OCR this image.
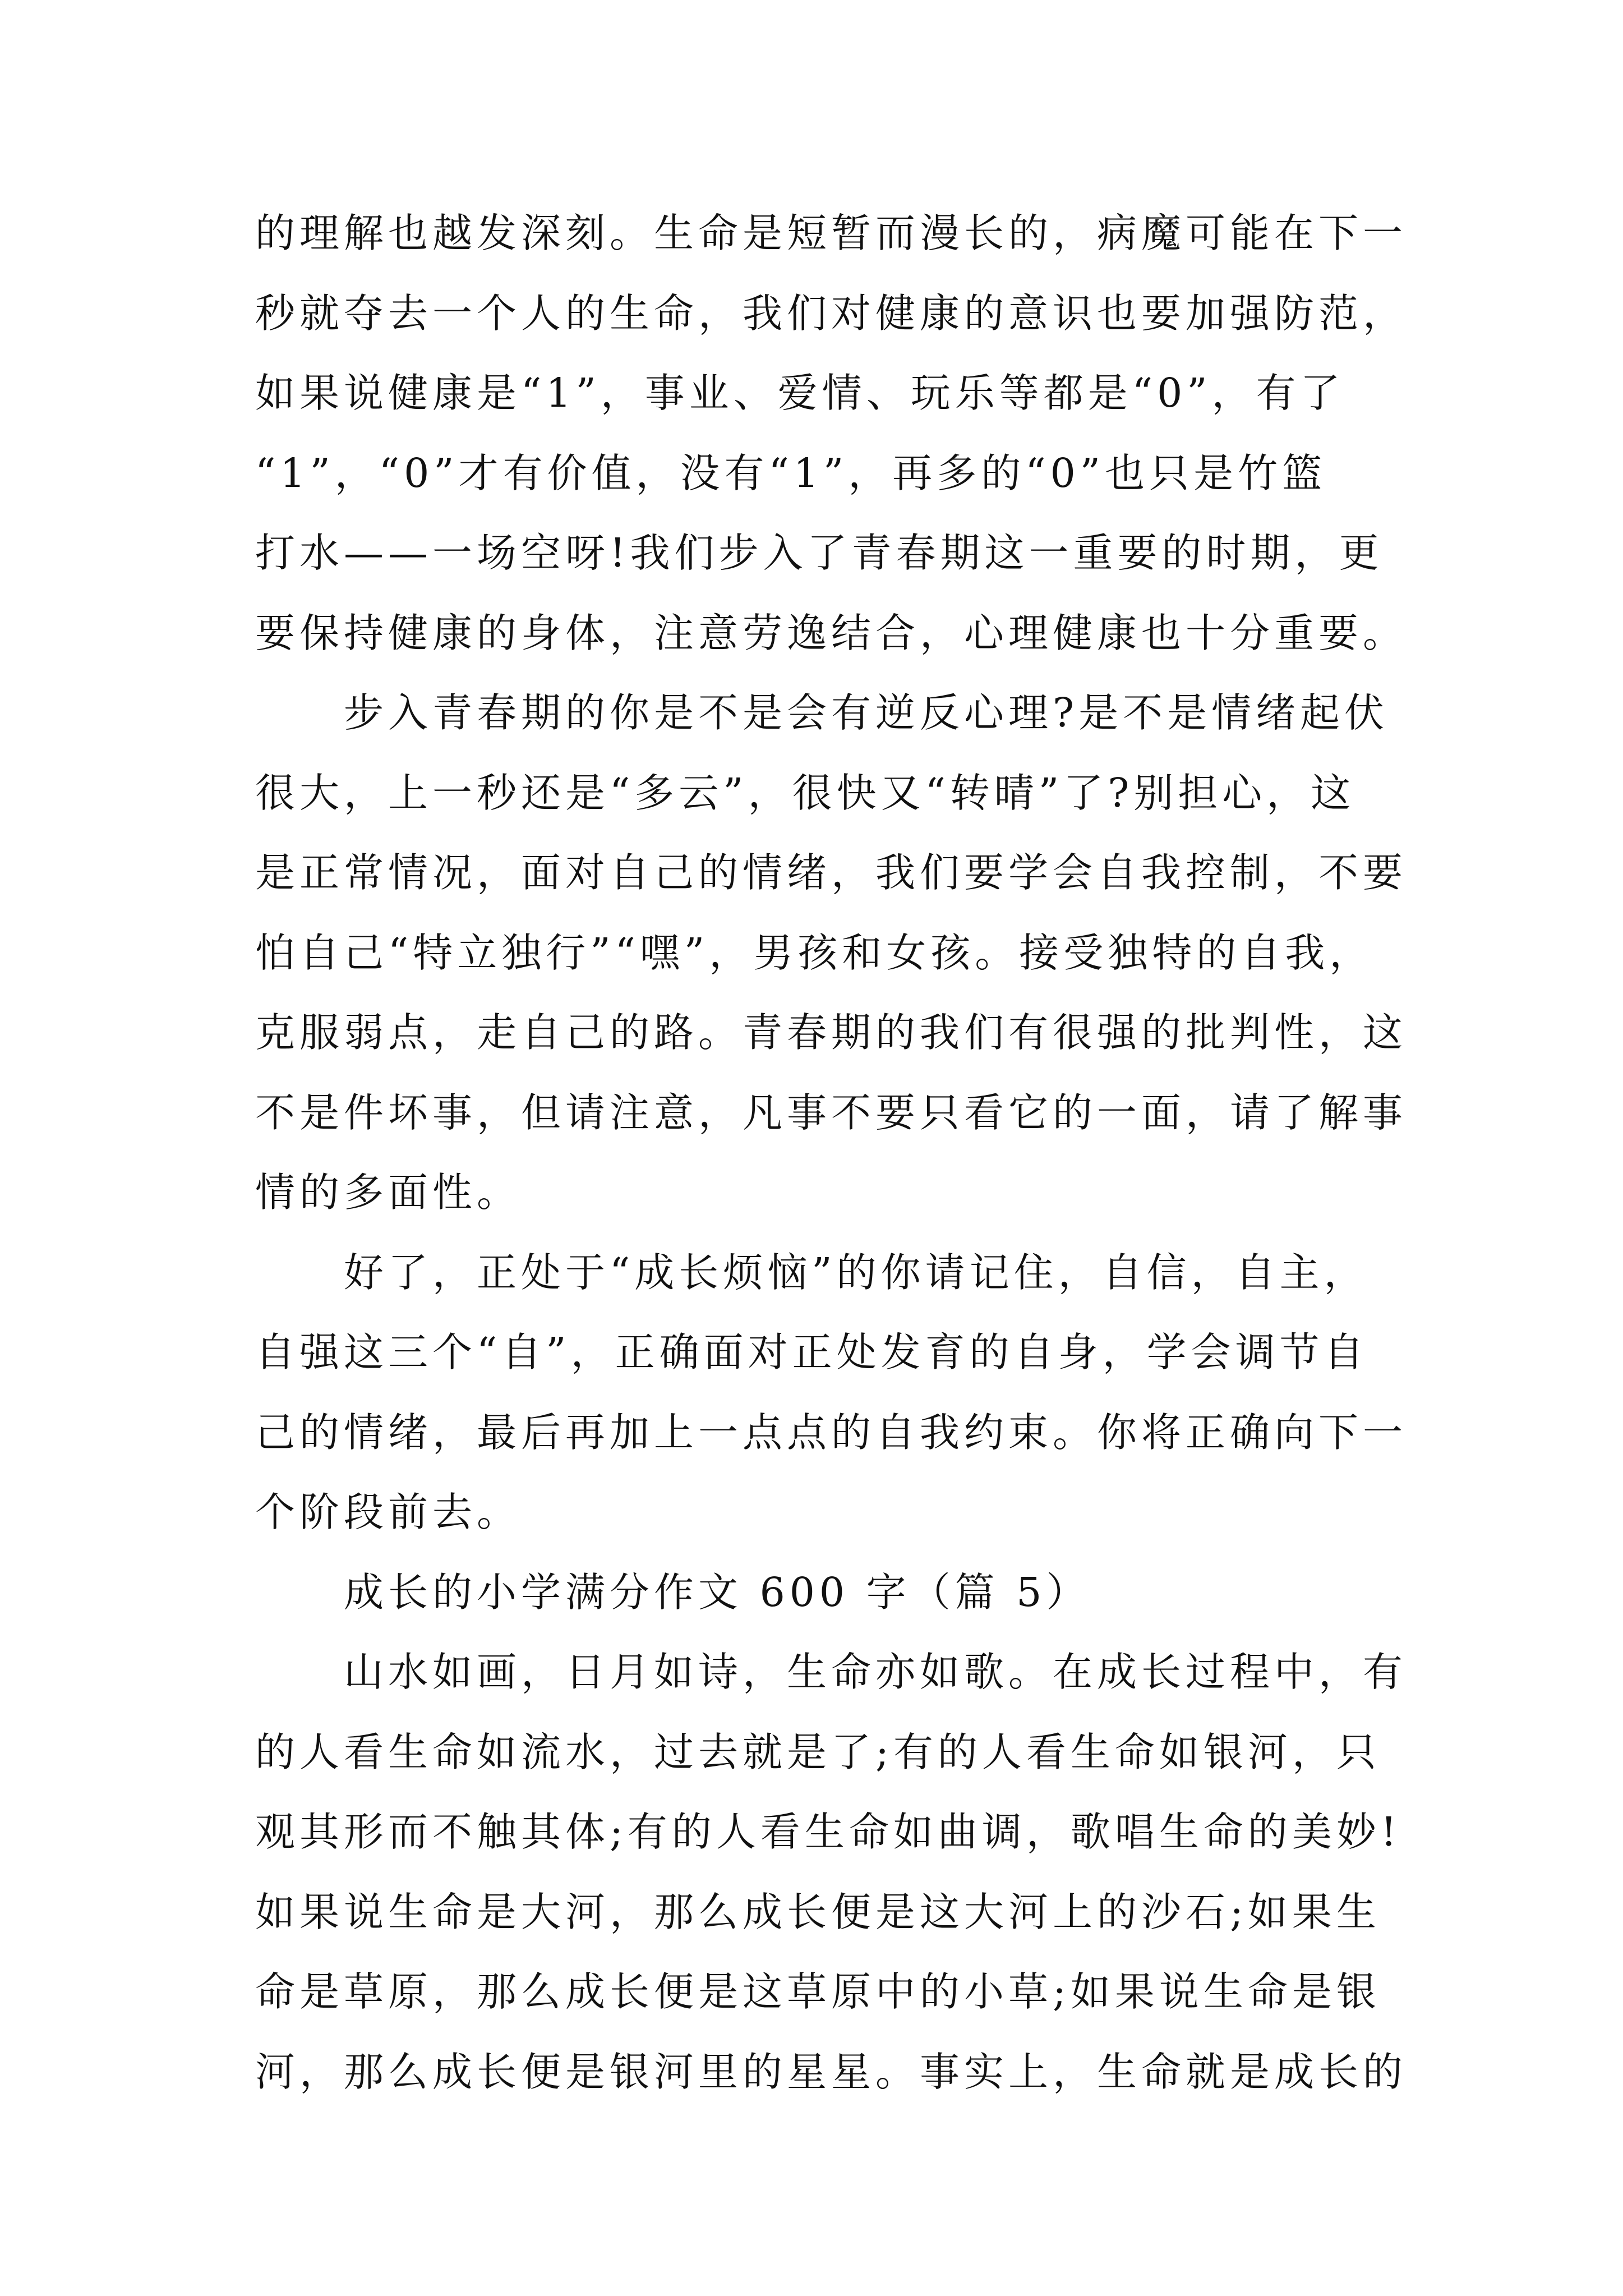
的理解也越发深刻。生命是短暂而漫长的，病魔可能在下一
秒就夺去一个人的生命，我们对健康的意识也要加强防范，
如果说健康是“1”，事业、爱情、玩乐等都是“0”，有了
“1”，“0”才有价值，没有“1”，再多的“0”也只是竹篮
打水——一场空呀!我们步入了青春期这一重要的时期，更
要保持健康的身体，注意劳逸结合，心理健康也十分重要。
　　步入青春期的你是不是会有逆反心理?是不是情绪起伏
很大，上一秒还是“多云”，很快又“转晴”了?别担心，这
是正常情况，面对自己的情绪，我们要学会自我控制，不要
怕自己“特立独行”“嘿”，男孩和女孩。接受独特的自我，
克服弱点，走自己的路。青春期的我们有很强的批判性，这
不是件坏事，但请注意，凡事不要只看它的一面，请了解事
情的多面性。
　　好了，正处于“成长烦恼”的你请记住，自信，自主，
自强这三个“自”，正确面对正处发育的自身，学会调节自
己的情绪，最后再加上一点点的自我约束。你将正确向下一
个阶段前去。
　　成长的小学满分作文 600 字（篇 5）
　　山水如画，日月如诗，生命亦如歌。在成长过程中，有
的人看生命如流水，过去就是了;有的人看生命如银河，只
观其形而不触其体;有的人看生命如曲调，歌唱生命的美妙!
如果说生命是大河，那么成长便是这大河上的沙石;如果生
命是草原，那么成长便是这草原中的小草;如果说生命是银
河，那么成长便是银河里的星星。事实上，生命就是成长的
